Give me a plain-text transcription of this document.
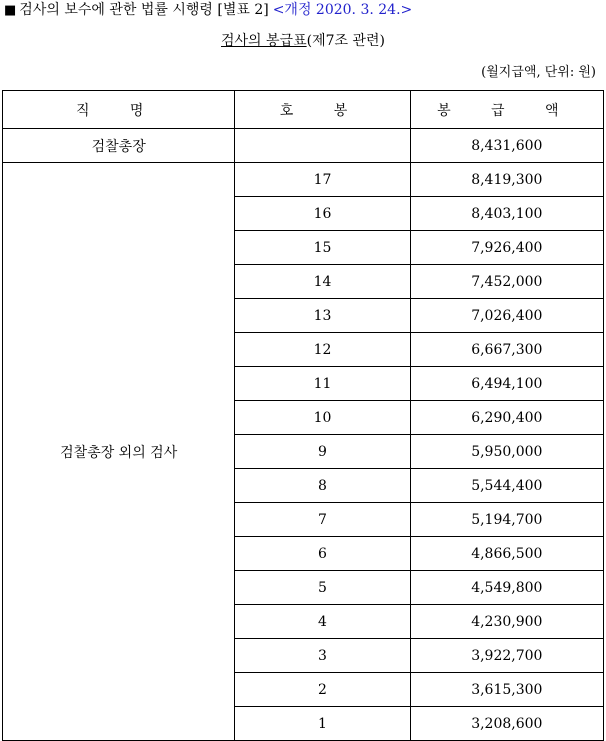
■ 검사의 보수에 관한 법률 시행령 [별표 2] <개정 2020. 3. 24.>
검사의 봉급표(제7조 관련)
(월지급액, 단위: 원)
직 명	호 봉	봉 급 액
검찰총장		8,431,600
검찰총장 외의 검사	17	8,419,300
	16	8,403,100
	15	7,926,400
	14	7,452,000
	13	7,026,400
	12	6,667,300
	11	6,494,100
	10	6,290,400
	9	5,950,000
	8	5,544,400
	7	5,194,700
	6	4,866,500
	5	4,549,800
	4	4,230,900
	3	3,922,700
	2	3,615,300
	1	3,208,600
